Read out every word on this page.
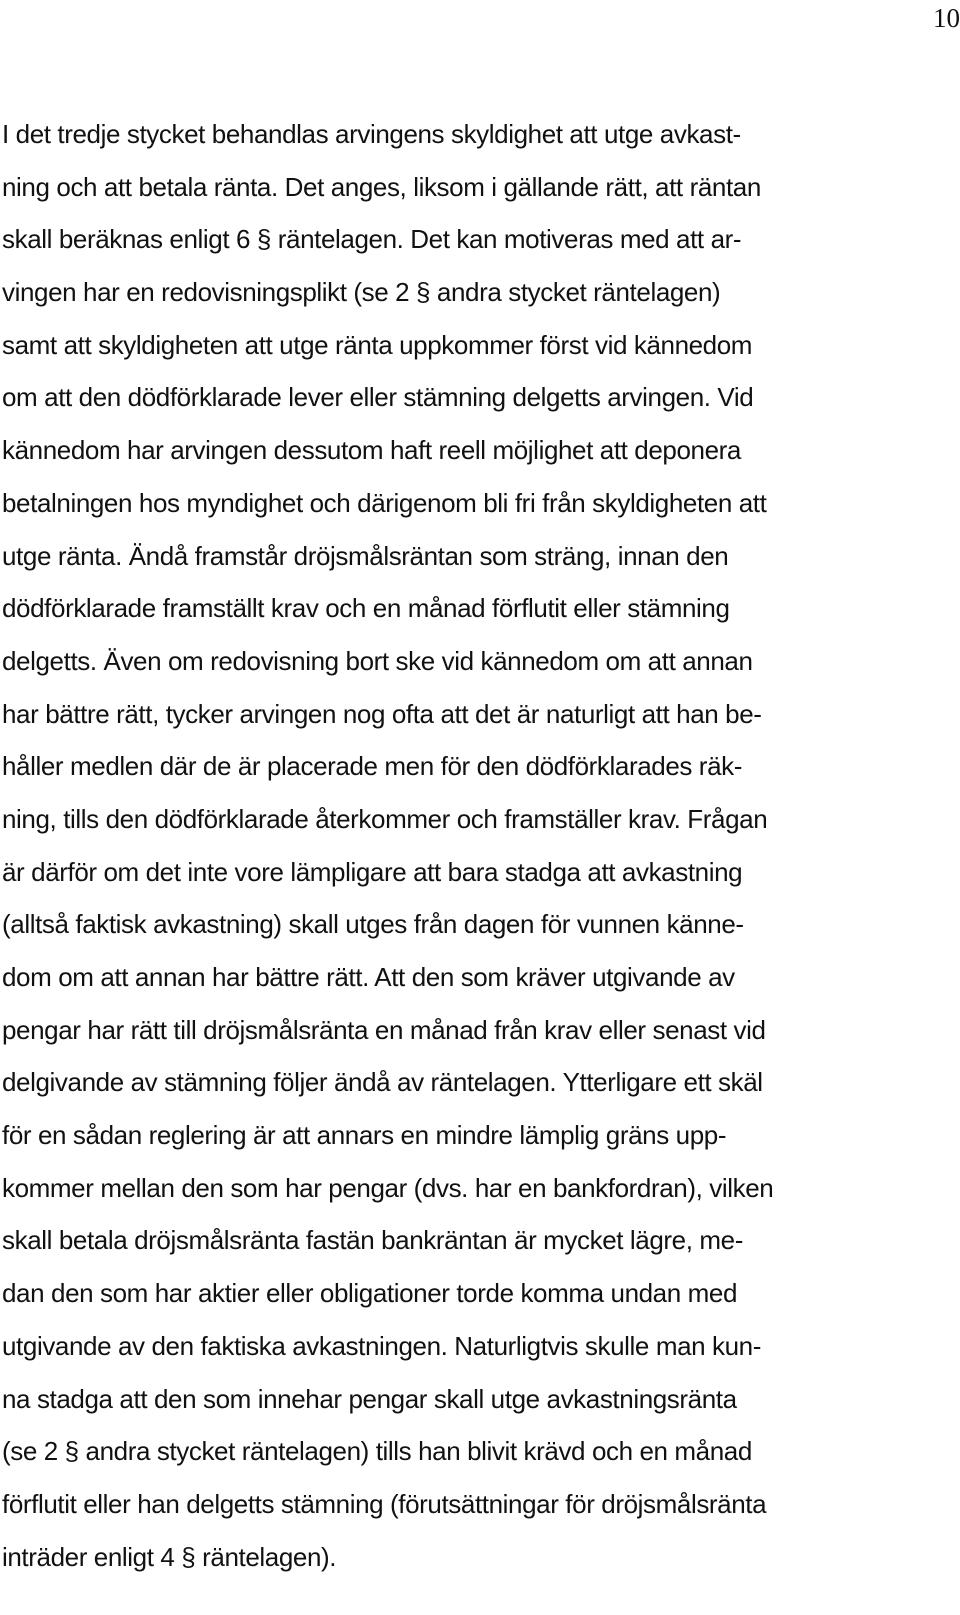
10
I det tredje stycket behandlas arvingens skyldighet att utge avkast-
ning och att betala ränta. Det anges, liksom i gällande rätt, att räntan
skall beräknas enligt 6 § räntelagen. Det kan motiveras med att ar-
vingen har en redovisningsplikt (se 2 § andra stycket räntelagen)
samt att skyldigheten att utge ränta uppkommer först vid kännedom
om att den dödförklarade lever eller stämning delgetts arvingen. Vid
kännedom har arvingen dessutom haft reell möjlighet att deponera
betalningen hos myndighet och därigenom bli fri från skyldigheten att
utge ränta. Ändå framstår dröjsmålsräntan som sträng, innan den
dödförklarade framställt krav och en månad förflutit eller stämning
delgetts. Även om redovisning bort ske vid kännedom om att annan
har bättre rätt, tycker arvingen nog ofta att det är naturligt att han be-
håller medlen där de är placerade men för den dödförklarades räk-
ning, tills den dödförklarade återkommer och framställer krav. Frågan
är därför om det inte vore lämpligare att bara stadga att avkastning
(alltså faktisk avkastning) skall utges från dagen för vunnen känne-
dom om att annan har bättre rätt. Att den som kräver utgivande av
pengar har rätt till dröjsmålsränta en månad från krav eller senast vid
delgivande av stämning följer ändå av räntelagen. Ytterligare ett skäl
för en sådan reglering är att annars en mindre lämplig gräns upp-
kommer mellan den som har pengar (dvs. har en bankfordran), vilken
skall betala dröjsmålsränta fastän bankräntan är mycket lägre, me-
dan den som har aktier eller obligationer torde komma undan med
utgivande av den faktiska avkastningen. Naturligtvis skulle man kun-
na stadga att den som innehar pengar skall utge avkastningsränta
(se 2 § andra stycket räntelagen) tills han blivit krävd och en månad
förflutit eller han delgetts stämning (förutsättningar för dröjsmålsränta
inträder enligt 4 § räntelagen).
